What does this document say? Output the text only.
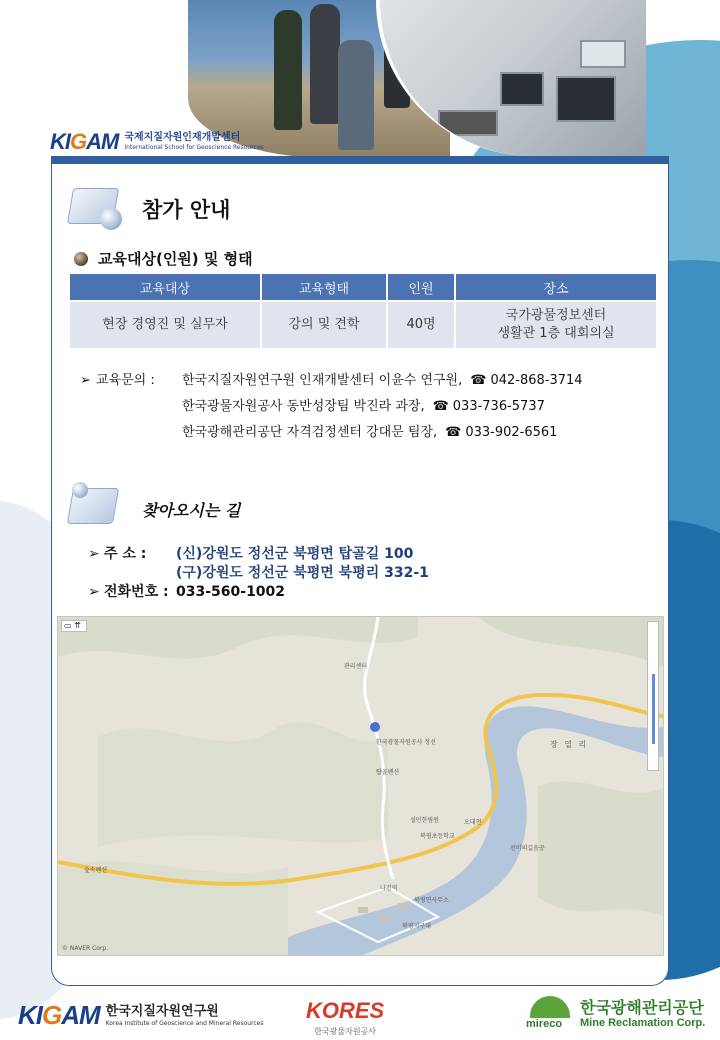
KIGAM 국제지질자원인재개발센터
International School for Geoscience Resources
참가 안내
교육대상(인원) 및 형태
교육대상	교육형태	인원	장소
현장 경영진 및 실무자	강의 및 견학	40명	국가광물정보센터
생활관 1층 대회의실
➢ 교육문의 :	한국지질자원연구원 인재개발센터 이윤수 연구원, ☎ 042-868-3714
한국광물자원공사 동반성장팀 박진라 과장, ☎ 033-736-5737
한국광해관리공단 자격검정센터 강대문 팀장, ☎ 033-902-6561
찾아오시는 길
➢ 주 소 :	(신)강원도 정선군 북평면 탑골길 100
(구)강원도 정선군 북평면 북평리 332-1
➢ 전화번호 : 033-560-1002
▭ ⇈
장 열 리
관리센터
한국광물자원공사 정선
탑골펜션
설민한림원
북평초등학교
나전역
북평면사무소
북평지구대
선비의길음공
숲속펜션
오대천
© NAVER Corp.
KIGAM 한국지질자원연구원
Korea Institute of Geoscience and Mineral Resources KORES
한국광물자원공사
mireco
한국광해관리공단
Mine Reclamation Corp.
